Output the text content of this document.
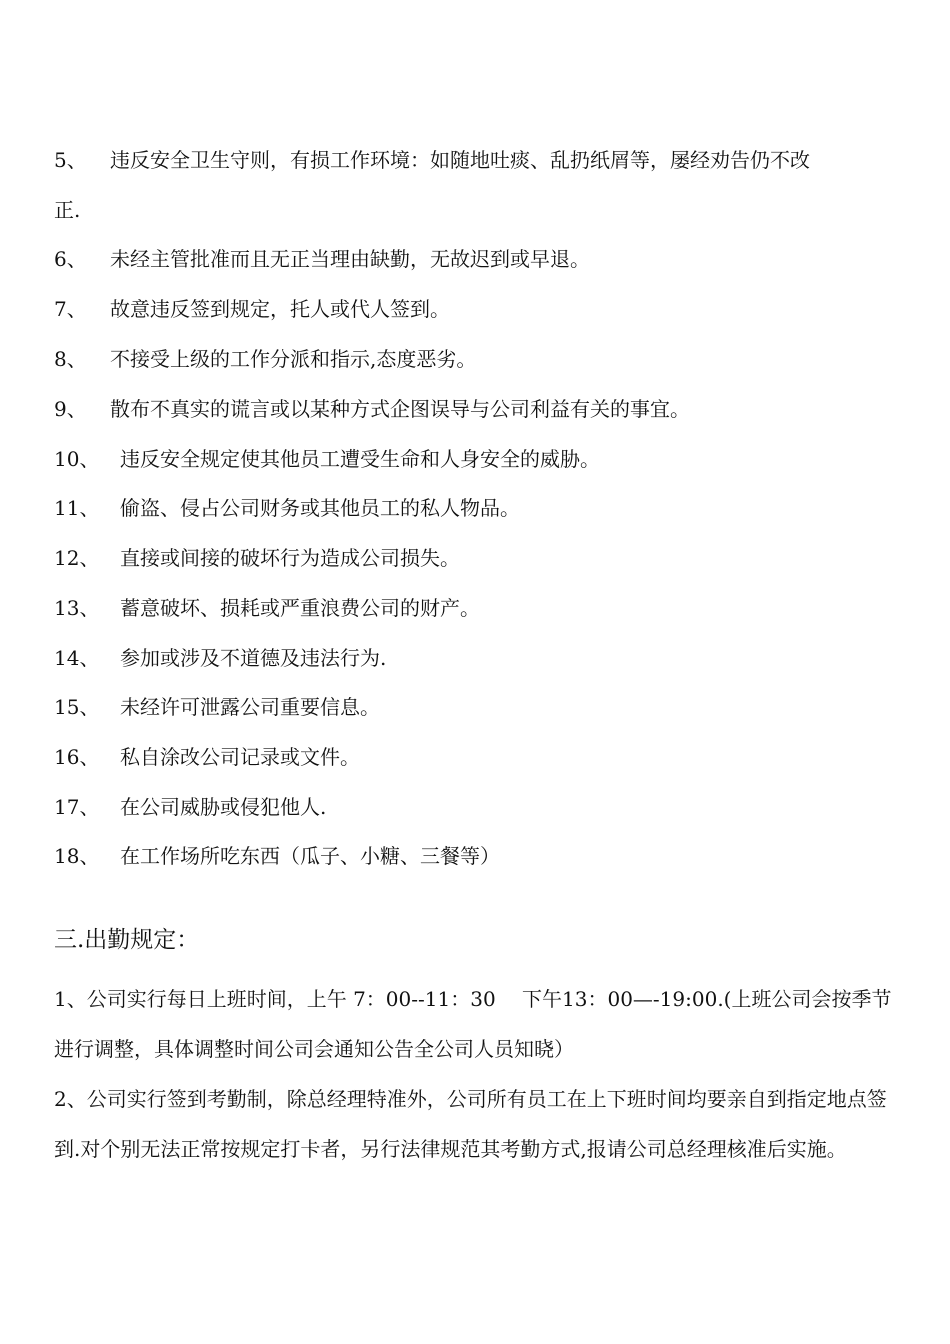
5、 违反安全卫生守则，有损工作环境：如随地吐痰、乱扔纸屑等，屡经劝告仍不改
正.
6、 未经主管批准而且无正当理由缺勤，无故迟到或早退。
7、 故意违反签到规定，托人或代人签到。
8、 不接受上级的工作分派和指示,态度恶劣。
9、 散布不真实的谎言或以某种方式企图误导与公司利益有关的事宜。
10、 违反安全规定使其他员工遭受生命和人身安全的威胁。
11、 偷盗、侵占公司财务或其他员工的私人物品。
12、 直接或间接的破坏行为造成公司损失。
13、 蓄意破坏、损耗或严重浪费公司的财产。
14、 参加或涉及不道德及违法行为.
15、 未经许可泄露公司重要信息。
16、 私自涂改公司记录或文件。
17、 在公司威胁或侵犯他人.
18、 在工作场所吃东西（瓜子、小糖、三餐等）
三.出勤规定：
1、公司实行每日上班时间，上午 7：00--11：30 　下午13：00—-19:00.(上班公司会按季节进行调整，具体调整时间公司会通知公告全公司人员知晓）
2、公司实行签到考勤制，除总经理特准外，公司所有员工在上下班时间均要亲自到指定地点签到.对个别无法正常按规定打卡者，另行法律规范其考勤方式,报请公司总经理核准后实施。
